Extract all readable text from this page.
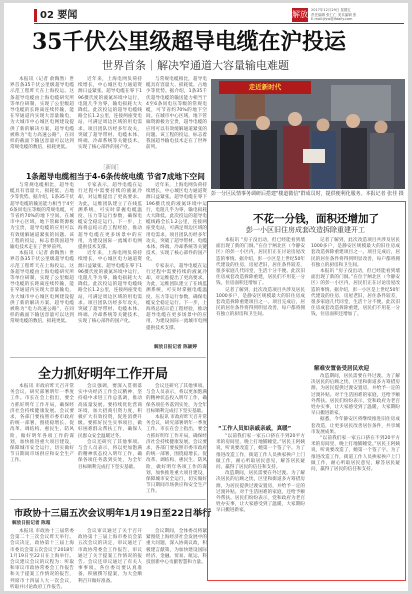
02 要闻	解放 2017年12月29日 星期五
责任编辑 张仁仁 美术编辑 张
E-mail:jfyw@jfdaily.com
35千伏公里级超导电缆在沪投运
世界首条｜解决窄通道大容量输电难题

本报讯（记者 俞陶然）世界首条35千伏公里级超导电缆示范工程昨天在上海投运。这条超导电缆由上海电缆研究所等单位研制，实现了公里级超导电缆的长距离连续传输，能在窄通道内实现大容量输电，为大城市中心城区电网建设提供了新的解决方案。超导电缆被称为“电力高速公路”，在同样的截面下输送容量可以达到常规电缆的数倍，损耗更低。

近年来，上海电网负荷持续增长，中心城区电力通道资源日益紧张。超导电缆在零下196摄氏度的液氮环境中运行，电阻几乎为零，输电损耗大大降低。此次投运的超导电缆线路全长1.2公里，连接两座变电站，可满足周边区域的用电需求。项目团队历经多年攻关，突破了超导带材、电缆本体、终端、冷却系统等关键技术，实现了核心部件的国产化。

与常规电缆相比，超导电缆具有容量大、损耗低、占地少等优势。据介绍，1条35千伏超导电缆的输送能力相当于4至6条同电压等级的常规电缆，可节省约70%的地下空间。在城市中心区域，地下管廊资源极为宝贵，超导电缆的应用可以有效缓解通道紧张的问题。该工程的投运，标志着我国超导输电技术走在了世界前列。

［新闻］
1条超导电缆相当于4-6条传统电缆 节省7成地下空间

与常规电缆相比，超导电缆具有容量大、损耗低、占地少等优势。据介绍，1条35千伏超导电缆的输送能力相当于4至6条同电压等级的常规电缆，可节省约70%的地下空间。在城市中心区域，地下管廊资源极为宝贵，超导电缆的应用可以有效缓解通道紧张的问题。该工程的投运，标志着我国超导输电技术走在了世界前列。

本报讯（记者 俞陶然）世界首条35千伏公里级超导电缆示范工程昨天在上海投运。这条超导电缆由上海电缆研究所等单位研制，实现了公里级超导电缆的长距离连续传输，能在窄通道内实现大容量输电，为大城市中心城区电网建设提供了新的解决方案。超导电缆被称为“电力高速公路”，在同样的截面下输送容量可以达到常规电缆的数倍，损耗更低。

专家表示，超导电缆在运行过程中需要持续的液氮冷却，对运维提出了更高要求。为此，运维团队建立了在线监测系统，可实时掌握电缆温度、压力等运行参数，确保电缆安全稳定运行。下一步，上海将总结示范工程经验，推动超导电缆在更多场景中的应用，为建设国际一流城市电网提供技术支撑。

近年来，上海电网负荷持续增长，中心城区电力通道资源日益紧张。超导电缆在零下196摄氏度的液氮环境中运行，电阻几乎为零，输电损耗大大降低。此次投运的超导电缆线路全长1.2公里，连接两座变电站，可满足周边区域的用电需求。项目团队历经多年攻关，突破了超导带材、电缆本体、终端、冷却系统等关键技术，实现了核心部件的国产化。

近年来，上海电网负荷持续增长，中心城区电力通道资源日益紧张。超导电缆在零下196摄氏度的液氮环境中运行，电阻几乎为零，输电损耗大大降低。此次投运的超导电缆线路全长1.2公里，连接两座变电站，可满足周边区域的用电需求。项目团队历经多年攻关，突破了超导带材、电缆本体、终端、冷却系统等关键技术，实现了核心部件的国产化。

专家表示，超导电缆在运行过程中需要持续的液氮冷却，对运维提出了更高要求。为此，运维团队建立了在线监测系统，可实时掌握电缆温度、压力等运行参数，确保电缆安全稳定运行。下一步，上海将总结示范工程经验，推动超导电缆在更多场景中的应用，为建设国际一流城市电网提供技术支撑。

解放日报记者 陈颖婷
全力抓好明年工作开局

本报讯 市政府昨天召开常务会议，研究部署明年一季度工作。市长在会上指出，要全力抓好明年工作开局，确保经济社会持续健康发展。会议要求，各部门要按照市委市政府的统一部署，围绕稳增长、促改革、调结构、惠民生、防风险，做好明年各项工作的谋划，加快推进重大项目建设，保障城市安全运行，切实做好节日期间市场供应和安全生产工作。

会议强调，要深入贯彻落实中央经济工作会议精神，坚持稳中求进工作总基调，推动高质量发展。要持续优化营商环境，加大招商引资力度，积极扩大有效投资，促进消费升级。要抓好民生实事项目，做好困难群众帮扶工作，确保人民群众安全温暖过冬。

会议还研究了其他事项。与会人员表示，将以更加饱满的精神状态投入明年工作，确保各项任务落到实处，为全年目标顺利完成打下坚实基础。

会议还研究了其他事项。与会人员表示，将以更加饱满的精神状态投入明年工作，确保各项任务落到实处，为全年目标顺利完成打下坚实基础。

本报讯 市政府昨天召开常务会议，研究部署明年一季度工作。市长在会上指出，要全力抓好明年工作开局，确保经济社会持续健康发展。会议要求，各部门要按照市委市政府的统一部署，围绕稳增长、促改革、调结构、惠民生、防风险，做好明年各项工作的谋划，加快推进重大项目建设，保障城市安全运行，切实做好节日期间市场供应和安全生产工作。

市政协十三届五次会议明年1月19日至22日举行
解放日报记者 陈超

本报讯 市政协十三届常委会第二十三次会议昨天举行。会议决定，政协第十三届上海市委员会第五次会议于2018年1月19日至22日在上海举行。会议建议会议的议程为：听取和审议市政协常委会工作报告和关于提案工作情况的报告，列席市十四届人大一次会议，听取并讨论政府工作报告。

会议审议通过了关于召开政协第十三届上海市委员会第五次会议的决定，审议通过了市政协常委会工作报告，审议通过了关于提案工作情况的报告。会议还审议通过了有关人事事项。各位委员要认真准备，积极撰写提案，为大会顺利召开做好准备。

会议期间，全体委员将紧紧围绕上海经济社会发展中的重大问题，深入协商议政，积极建言献策，为加快建设国际经济、金融、贸易、航运、科技创新中心贡献智慧和力量。

走近新时代
彭一分区民情事务调研后搭建"楼道微信"群成员时，提供便利化服务。本报记者 张佳 摄
不花一分钱，面积还增加了
彭一小区旧住房成套改造拆除重建开工

本报讯 “房子没出动，但已经能看到墙面出现了新的门洞。”在位于闸北区（今静安区）的彭一小区内，居民们正在讨论房屋改造的事情。据介绍，彭一小区是上世纪50年代建设的住房，房屋老旧，居住条件较差，很多家庭几代同堂，生活十分不便。此次旧住房成套改造拆除重建，居民们不用花一分钱，住房面积还增加了。

记者了解到，此次改造项目共涉及居民1000多户，是静安区规模最大的旧住房成套改造拆除重建项目之一。项目完成后，居民的居住条件将得到明显改善，每户都将拥有独立的厨房和卫生间。

记者了解到，此次改造项目共涉及居民1000多户，是静安区规模最大的旧住房成套改造拆除重建项目之一。项目完成后，居民的居住条件将得到明显改善，每户都将拥有独立的厨房和卫生间。

本报讯 “房子没出动，但已经能看到墙面出现了新的门洞。”在位于闸北区（今静安区）的彭一小区内，居民们正在讨论房屋改造的事情。据介绍，彭一小区是上世纪50年代建设的住房，房屋老旧，居住条件较差，很多家庭几代同堂，生活十分不便。此次旧住房成套改造拆除重建，居民们不用花一分钱，住房面积还增加了。

解难安置备受居民欢迎

改造期间，居民需要在外过渡。为了解决居民的后顾之忧，区里和街道多方筹措房源，为居民提供过渡安置房，并给予一定的过渡补贴。对于生活困难的家庭，还给予额外帮扶。居民们纷纷表示，党和政府为老百姓办实事，让大家感受到了温暖，大家期盼早日搬进新家。

据悉，今年静安区将继续推进旧住房成套改造，让更多居民改善居住条件，共享城市发展成果。

“以前我们家一家五口挤在不到20平方米的房间里，晚上打地铺睡觉。”居民王阿姨说，听说要改造了，她第一个签了字。为了推进改造工作，街道工作人员挨家挨户上门做工作，耐心听取居民意见，解答居民疑问，赢得了居民的信任和支持。

“工作人员如亲戚亲戚，真暖”

“以前我们家一家五口挤在不到20平方米的房间里，晚上打地铺睡觉。”居民王阿姨说，听说要改造了，她第一个签了字。为了推进改造工作，街道工作人员挨家挨户上门做工作，耐心听取居民意见，解答居民疑问，赢得了居民的信任和支持。

改造期间，居民需要在外过渡。为了解决居民的后顾之忧，区里和街道多方筹措房源，为居民提供过渡安置房，并给予一定的过渡补贴。对于生活困难的家庭，还给予额外帮扶。居民们纷纷表示，党和政府为老百姓办实事，让大家感受到了温暖，大家期盼早日搬进新家。
